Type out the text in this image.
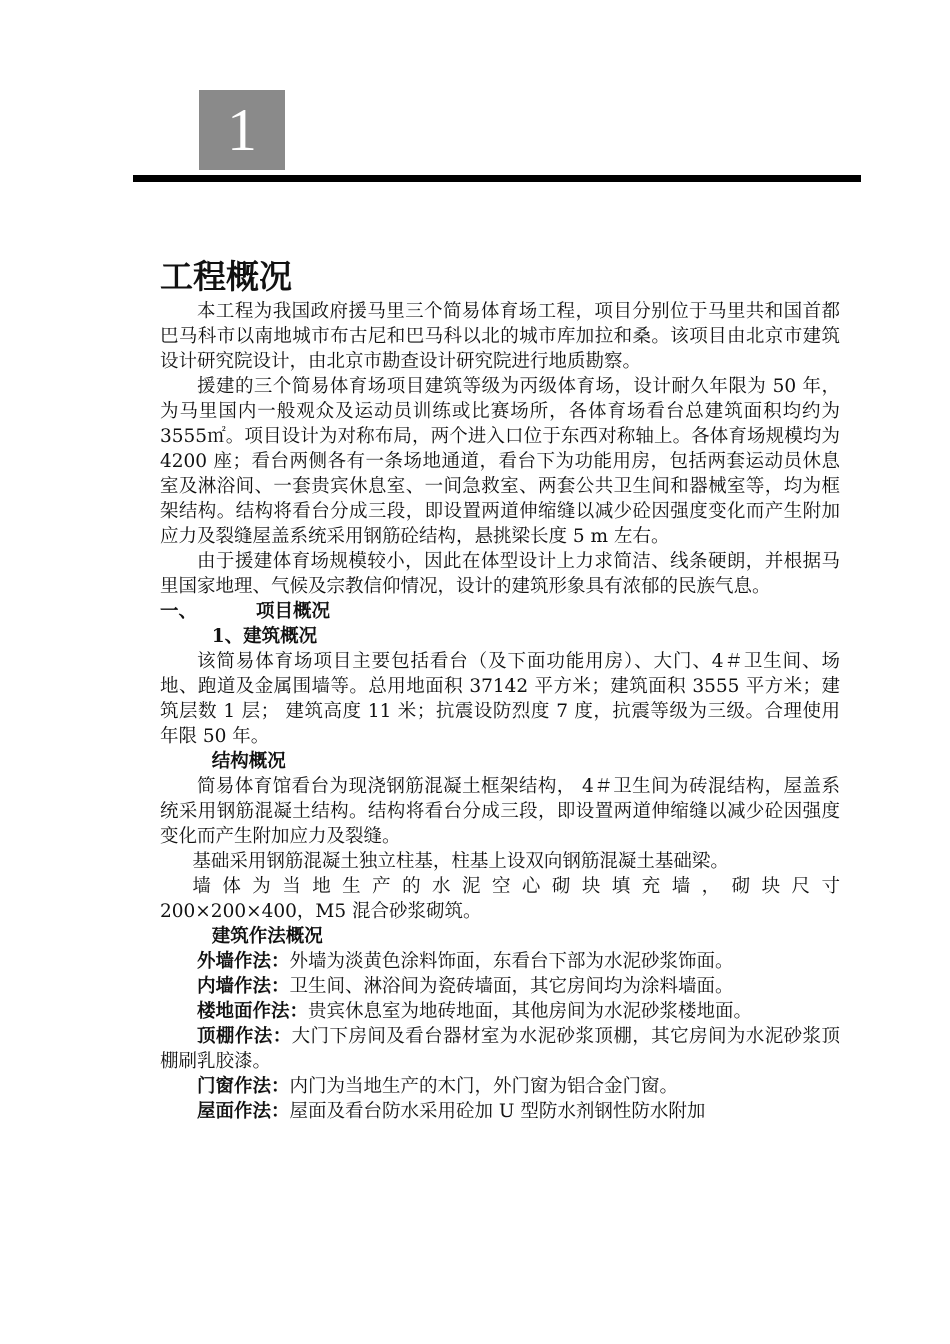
1
工程概况

本工程为我国政府援马里三个简易体育场工程，项目分别位于马里共和国首都巴马科市以南地城市布古尼和巴马科以北的城市库加拉和桑。该项目由北京市建筑设计研究院设计，由北京市勘查设计研究院进行地质勘察。

援建的三个简易体育场项目建筑等级为丙级体育场，设计耐久年限为 50 年，为马里国内一般观众及运动员训练或比赛场所，各体育场看台总建筑面积均约为 3555㎡。项目设计为对称布局，两个进入口位于东西对称轴上。各体育场规模均为 4200 座；看台两侧各有一条场地通道，看台下为功能用房，包括两套运动员休息室及淋浴间、一套贵宾休息室、一间急救室、两套公共卫生间和器械室等，均为框架结构。结构将看台分成三段，即设置两道伸缩缝以减少砼因强度变化而产生附加应力及裂缝屋盖系统采用钢筋砼结构，悬挑梁长度 5 m 左右。

由于援建体育场规模较小，因此在体型设计上力求简洁、线条硬朗，并根据马里国家地理、气候及宗教信仰情况，设计的建筑形象具有浓郁的民族气息。

一、	项目概况
1、建筑概况

该简易体育场项目主要包括看台（及下面功能用房）、大门、4＃卫生间、场地、跑道及金属围墙等。总用地面积 37142 平方米；建筑面积 3555 平方米；建筑层数 1 层； 建筑高度 11 米；抗震设防烈度 7 度，抗震等级为三级。合理使用年限 50 年。

结构概况

简易体育馆看台为现浇钢筋混凝土框架结构， 4＃卫生间为砖混结构，屋盖系统采用钢筋混凝土结构。结构将看台分成三段，即设置两道伸缩缝以减少砼因强度变化而产生附加应力及裂缝。

基础采用钢筋混凝土独立柱基，柱基上设双向钢筋混凝土基础梁。

墙体为当地生产的水泥空心砌块填充墙，砌块尺寸

200×200×400，M5 混合砂浆砌筑。

建筑作法概况

外墙作法：外墙为淡黄色涂料饰面，东看台下部为水泥砂浆饰面。

内墙作法：卫生间、淋浴间为瓷砖墙面，其它房间均为涂料墙面。

楼地面作法：贵宾休息室为地砖地面，其他房间为水泥砂浆楼地面。

顶棚作法：大门下房间及看台器材室为水泥砂浆顶棚，其它房间为水泥砂浆顶棚刷乳胶漆。

门窗作法：内门为当地生产的木门，外门窗为铝合金门窗。

屋面作法：屋面及看台防水采用砼加 U 型防水剂钢性防水附加
